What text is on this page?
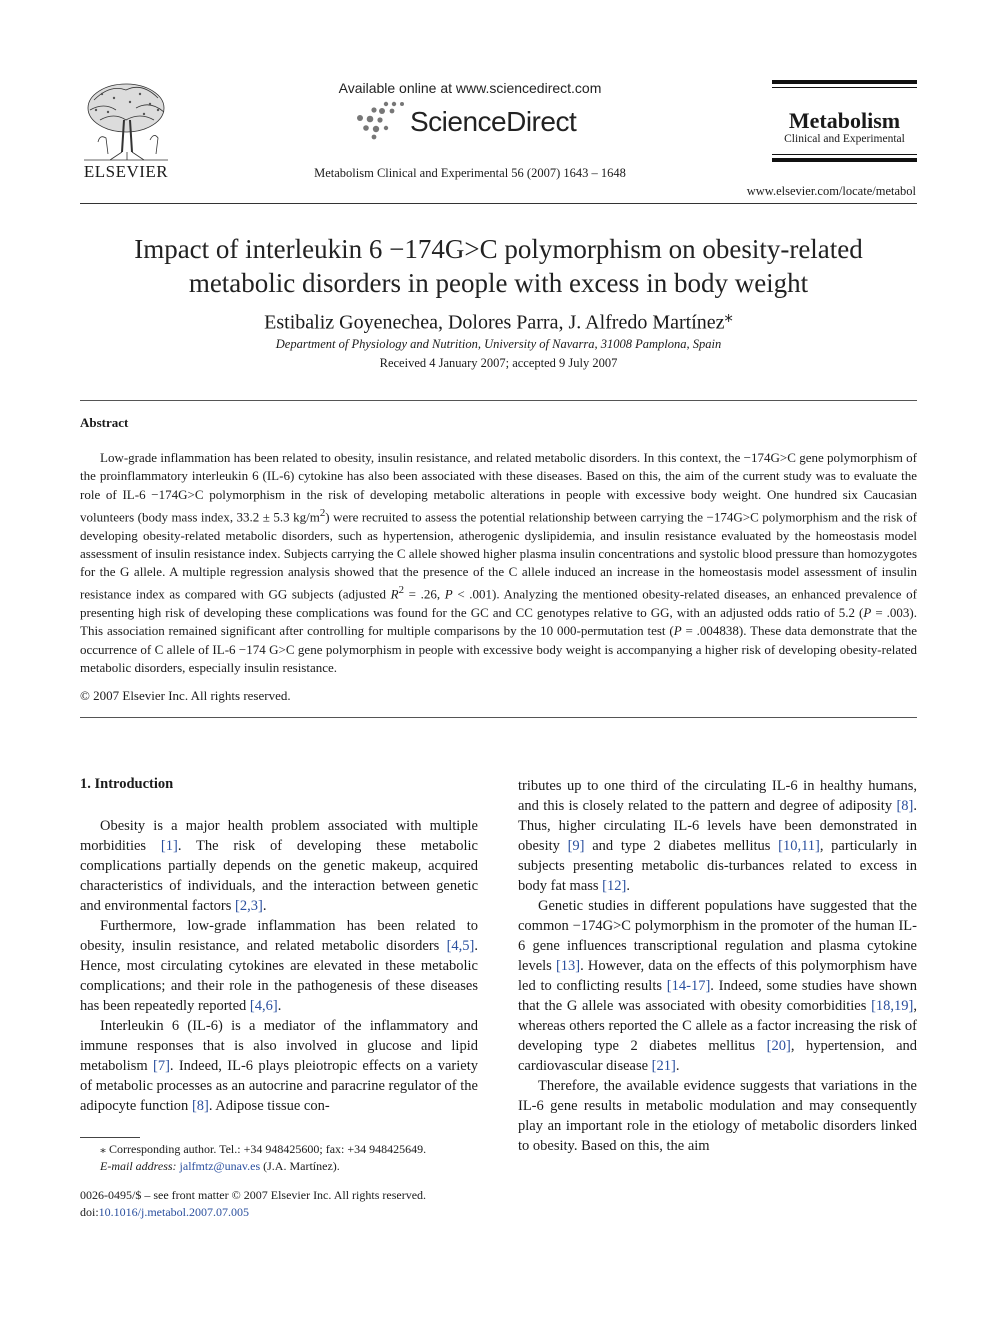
Available online at www.sciencedirect.com
ScienceDirect
Metabolism Clinical and Experimental 56 (2007) 1643 – 1648
ELSEVIER
Metabolism
Clinical and Experimental
www.elsevier.com/locate/metabol
Impact of interleukin 6 −174G>C polymorphism on obesity-related
metabolic disorders in people with excess in body weight
Estibaliz Goyenechea, Dolores Parra, J. Alfredo Martínez⁎
Department of Physiology and Nutrition, University of Navarra, 31008 Pamplona, Spain
Received 4 January 2007; accepted 9 July 2007
Abstract
Low-grade inflammation has been related to obesity, insulin resistance, and related metabolic disorders. In this context, the −174G>C gene polymorphism of the proinflammatory interleukin 6 (IL-6) cytokine has also been associated with these diseases. Based on this, the aim of the current study was to evaluate the role of IL-6 −174G>C polymorphism in the risk of developing metabolic alterations in people with excessive body weight. One hundred six Caucasian volunteers (body mass index, 33.2 ± 5.3 $kg/m^2$) were recruited to assess the potential relationship between carrying the −174G>C polymorphism and the risk of developing obesity-related metabolic disorders, such as hypertension, atherogenic dyslipidemia, and insulin resistance evaluated by the homeostasis model assessment of insulin resistance index. Subjects carrying the C allele showed higher plasma insulin concentrations and systolic blood pressure than homozygotes for the G allele. A multiple regression analysis showed that the presence of the C allele induced an increase in the homeostasis model assessment of insulin resistance index as compared with GG subjects (adjusted $R^2 = .26$, P < .001). Analyzing the mentioned obesity-related diseases, an enhanced prevalence of presenting high risk of developing these complications was found for the GC and CC genotypes relative to GG, with an adjusted odds ratio of 5.2 (P = .003). This association remained significant after controlling for multiple comparisons by the 10 000-permutation test (P = .004838). These data demonstrate that the occurrence of C allele of IL-6 −174 G>C gene polymorphism in people with excessive body weight is accompanying a higher risk of developing obesity-related metabolic disorders, especially insulin resistance.
© 2007 Elsevier Inc. All rights reserved.
1. Introduction

Obesity is a major health problem associated with multiple morbidities [1]. The risk of developing these metabolic complications partially depends on the genetic makeup, acquired characteristics of individuals, and the interaction between genetic and environmental factors [2,3].

Furthermore, low-grade inflammation has been related to obesity, insulin resistance, and related metabolic disorders [4,5]. Hence, most circulating cytokines are elevated in these metabolic complications; and their role in the pathogenesis of these diseases has been repeatedly reported [4,6].

Interleukin 6 (IL-6) is a mediator of the inflammatory and immune responses that is also involved in glucose and lipid metabolism [7]. Indeed, IL-6 plays pleiotropic effects on a variety of metabolic processes as an autocrine and paracrine regulator of the adipocyte function [8]. Adipose tissue con-

tributes up to one third of the circulating IL-6 in healthy humans, and this is closely related to the pattern and degree of adiposity [8]. Thus, higher circulating IL-6 levels have been demonstrated in obesity [9] and type 2 diabetes mellitus [10,11], particularly in subjects presenting metabolic dis-turbances related to excess in body fat mass [12].

Genetic studies in different populations have suggested that the common −174G>C polymorphism in the promoter of the human IL-6 gene influences transcriptional regulation and plasma cytokine levels [13]. However, data on the effects of this polymorphism have led to conflicting results [14-17]. Indeed, some studies have shown that the G allele was associated with obesity comorbidities [18,19], whereas others reported the C allele as a factor increasing the risk of developing type 2 diabetes mellitus [20], hypertension, and cardiovascular disease [21].

Therefore, the available evidence suggests that variations in the IL-6 gene results in metabolic modulation and may consequently play an important role in the etiology of metabolic disorders linked to obesity. Based on this, the aim

⁎ Corresponding author. Tel.: +34 948425600; fax: +34 948425649.
E-mail address: jalfmtz@unav.es (J.A. Martínez).
0026-0495/$ – see front matter © 2007 Elsevier Inc. All rights reserved.
doi:10.1016/j.metabol.2007.07.005
